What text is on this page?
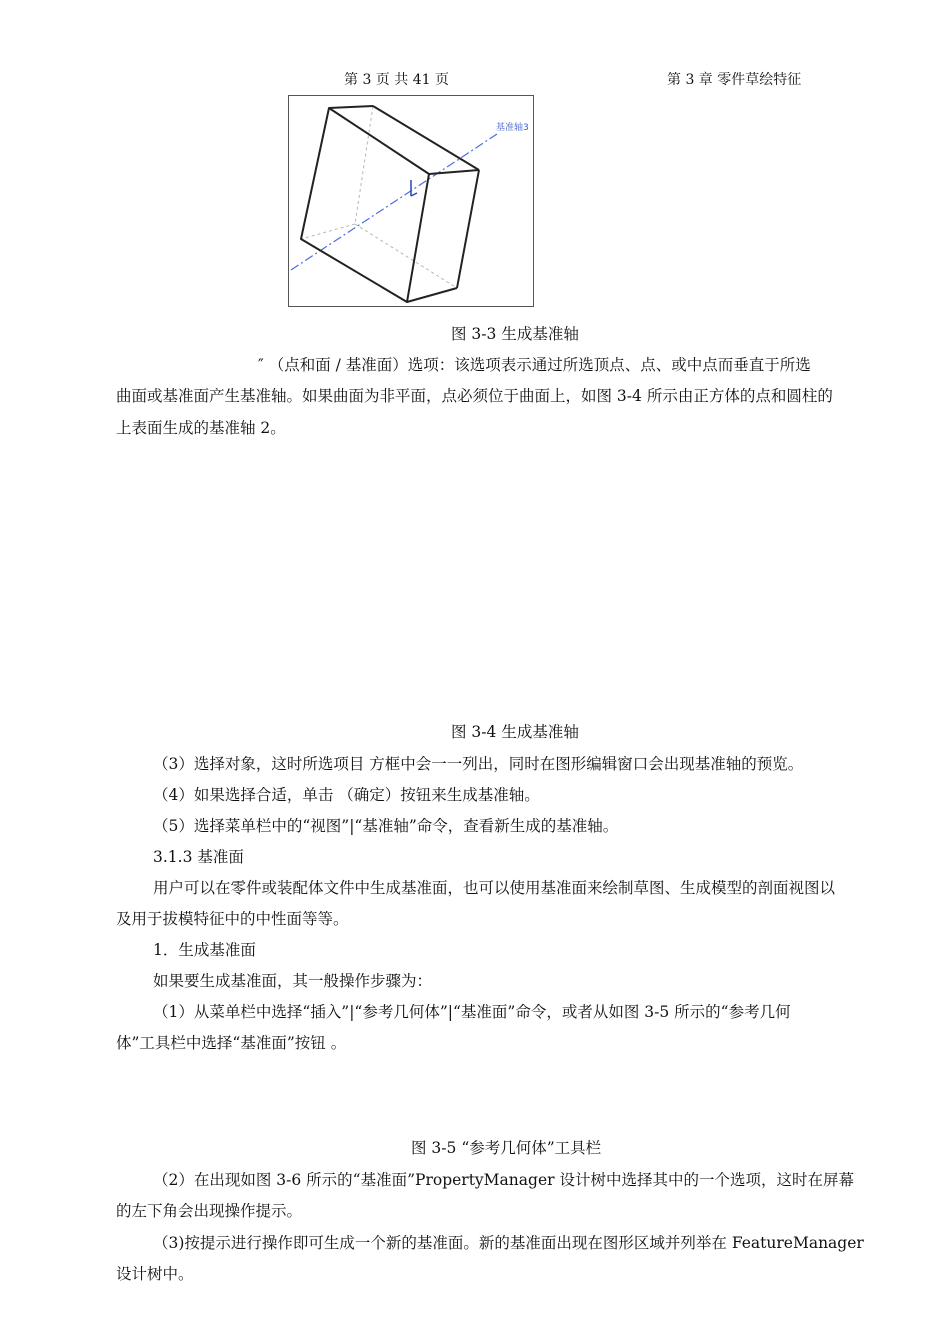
第 3 页 共 41 页	第 3 章 零件草绘特征
基准轴3
图 3-3 生成基准轴
″ （点和面 / 基准面）选项：该选项表示通过所选顶点、点、或中点而垂直于所选
曲面或基准面产生基准轴。如果曲面为非平面，点必须位于曲面上，如图 3-4 所示由正方体的点和圆柱的
上表面生成的基准轴 2。
图 3-4 生成基准轴
（3）选择对象，这时所选项目 方框中会一一列出，同时在图形编辑窗口会出现基准轴的预览。
（4）如果选择合适，单击 （确定）按钮来生成基准轴。
（5）选择菜单栏中的“视图”|“基准轴”命令，查看新生成的基准轴。
3.1.3 基准面
用户可以在零件或装配体文件中生成基准面，也可以使用基准面来绘制草图、生成模型的剖面视图以
及用于拔模特征中的中性面等等。
1．生成基准面
如果要生成基准面，其一般操作步骤为：
（1）从菜单栏中选择“插入”|“参考几何体”|“基准面”命令，或者从如图 3-5 所示的“参考几何
体”工具栏中选择“基准面”按钮 。
图 3-5 “参考几何体”工具栏
（2）在出现如图 3-6 所示的“基准面”PropertyManager 设计树中选择其中的一个选项，这时在屏幕
的左下角会出现操作提示。
（3)按提示进行操作即可生成一个新的基准面。新的基准面出现在图形区域并列举在 FeatureManager
设计树中。
